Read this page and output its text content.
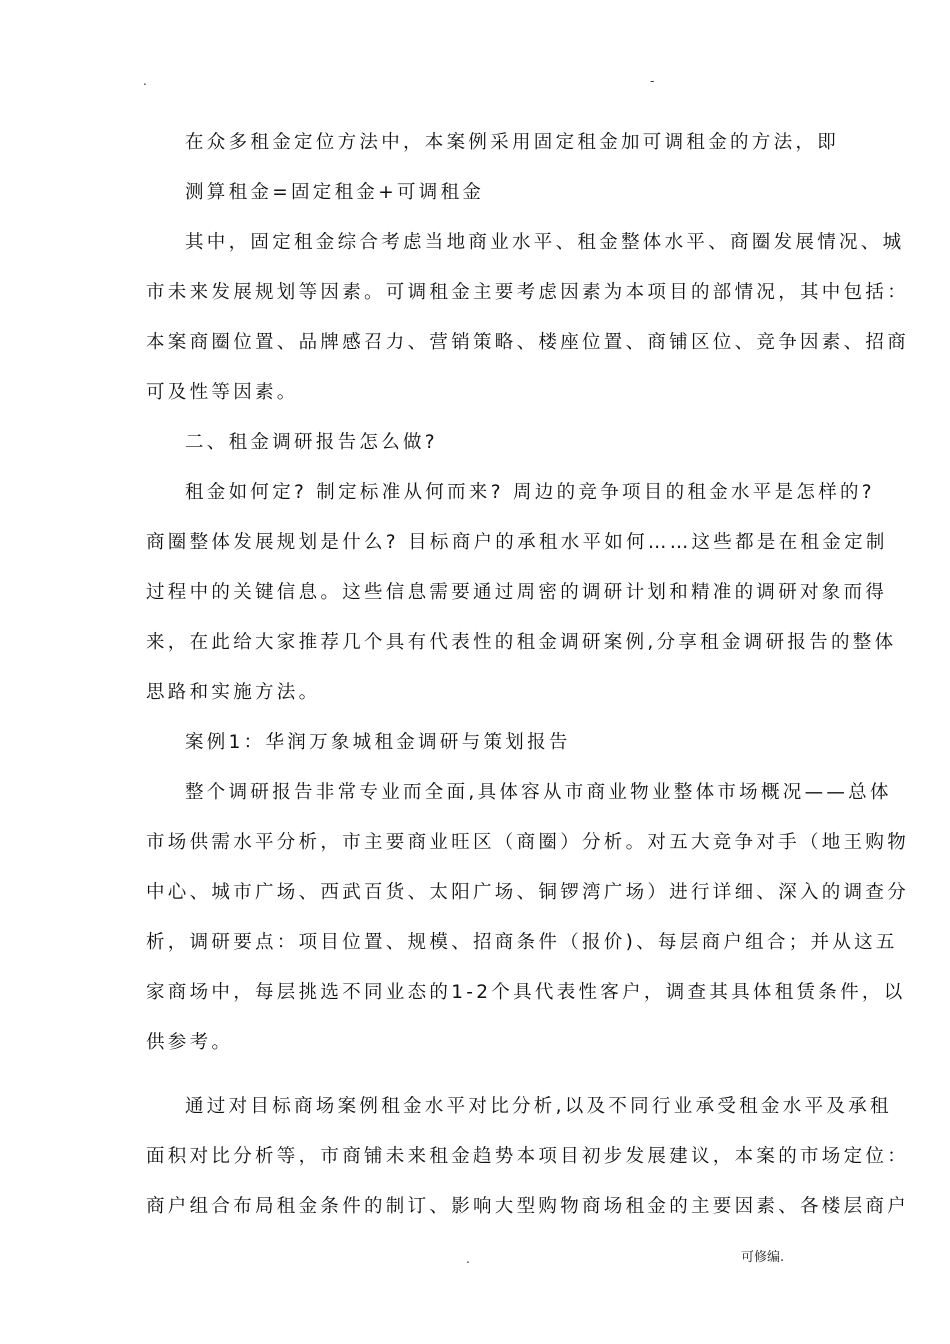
.	-
在众多租金定位方法中，本案例采用固定租金加可调租金的方法，即
测算租金=固定租金+可调租金
其中，固定租金综合考虑当地商业水平、租金整体水平、商圈发展情况、城
市未来发展规划等因素。可调租金主要考虑因素为本项目的部情况，其中包括：
本案商圈位置、品牌感召力、营销策略、楼座位置、商铺区位、竞争因素、招商
可及性等因素。
二、租金调研报告怎么做?
租金如何定? 制定标准从何而来? 周边的竞争项目的租金水平是怎样的?
商圈整体发展规划是什么? 目标商户的承租水平如何……这些都是在租金定制
过程中的关键信息。这些信息需要通过周密的调研计划和精准的调研对象而得
来，在此给大家推荐几个具有代表性的租金调研案例,分享租金调研报告的整体
思路和实施方法。
案例1：华润万象城租金调研与策划报告
整个调研报告非常专业而全面,具体容从市商业物业整体市场概况——总体
市场供需水平分析，市主要商业旺区（商圈）分析。对五大竞争对手（地王购物
中心、城市广场、西武百货、太阳广场、铜锣湾广场）进行详细、深入的调查分
析，调研要点：项目位置、规模、招商条件（报价)、每层商户组合；并从这五
家商场中，每层挑选不同业态的1-2个具代表性客户，调查其具体租赁条件，以
供参考。
通过对目标商场案例租金水平对比分析,以及不同行业承受租金水平及承租
面积对比分析等，市商铺未来租金趋势本项目初步发展建议，本案的市场定位：
商户组合布局租金条件的制订、影响大型购物商场租金的主要因素、各楼层商户
.	可修编.
